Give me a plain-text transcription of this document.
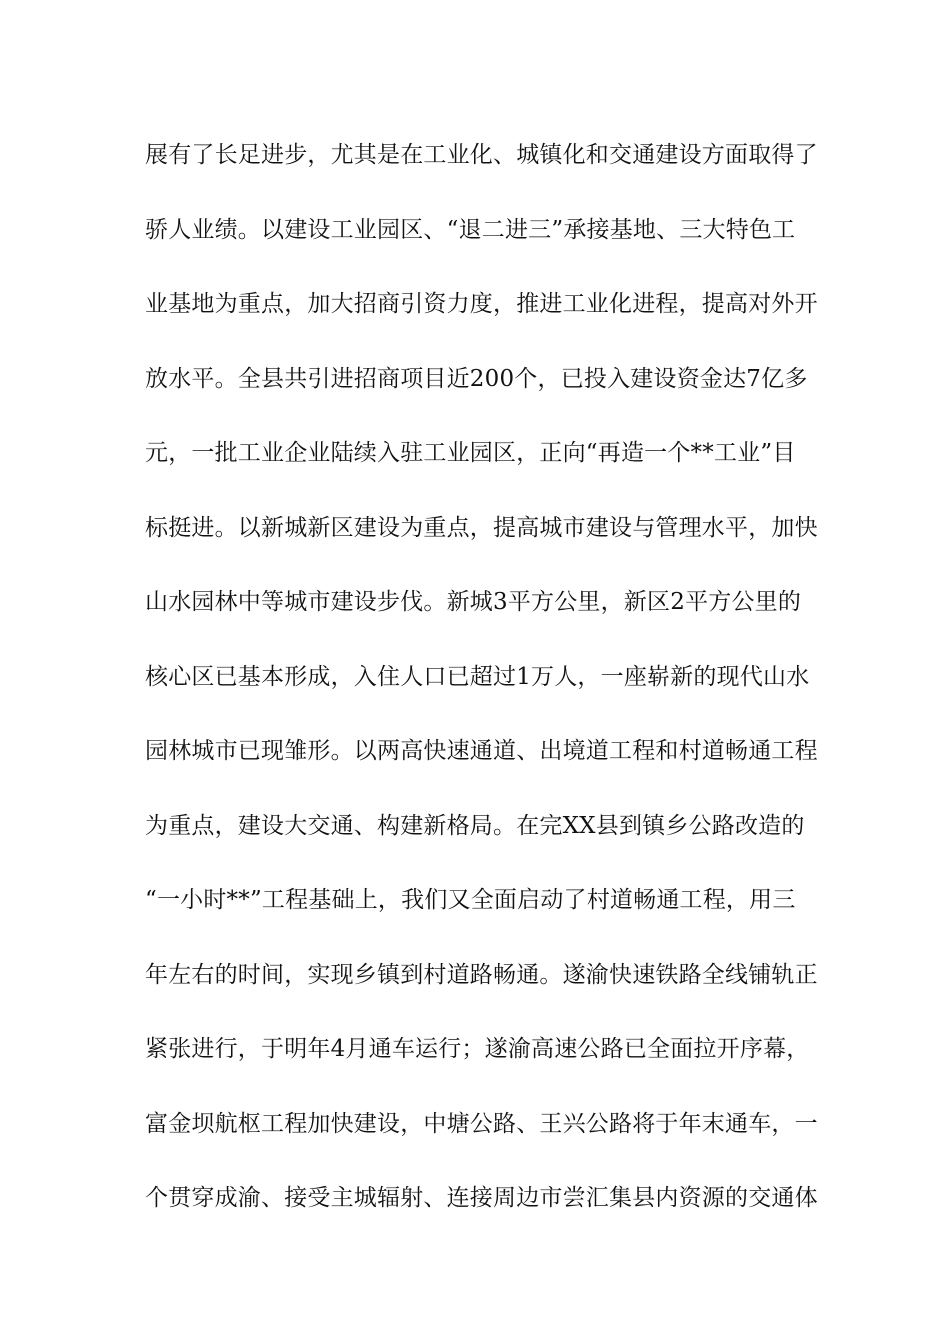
展有了长足进步，尤其是在工业化、城镇化和交通建设方面取得了
骄人业绩。以建设工业园区、“退二进三”承接基地、三大特色工
业基地为重点，加大招商引资力度，推进工业化进程，提高对外开
放水平。全县共引进招商项目近200个，已投入建设资金达7亿多
元，一批工业企业陆续入驻工业园区，正向“再造一个**工业”目
标挺进。以新城新区建设为重点，提高城市建设与管理水平，加快
山水园林中等城市建设步伐。新城3平方公里，新区2平方公里的
核心区已基本形成，入住人口已超过1万人，一座崭新的现代山水
园林城市已现雏形。以两高快速通道、出境道工程和村道畅通工程
为重点，建设大交通、构建新格局。在完XX县到镇乡公路改造的
“一小时**”工程基础上，我们又全面启动了村道畅通工程，用三
年左右的时间，实现乡镇到村道路畅通。遂渝快速铁路全线铺轨正
紧张进行，于明年4月通车运行；遂渝高速公路已全面拉开序幕，
富金坝航枢工程加快建设，中塘公路、王兴公路将于年末通车，一
个贯穿成渝、接受主城辐射、连接周边市尝汇集县内资源的交通体
